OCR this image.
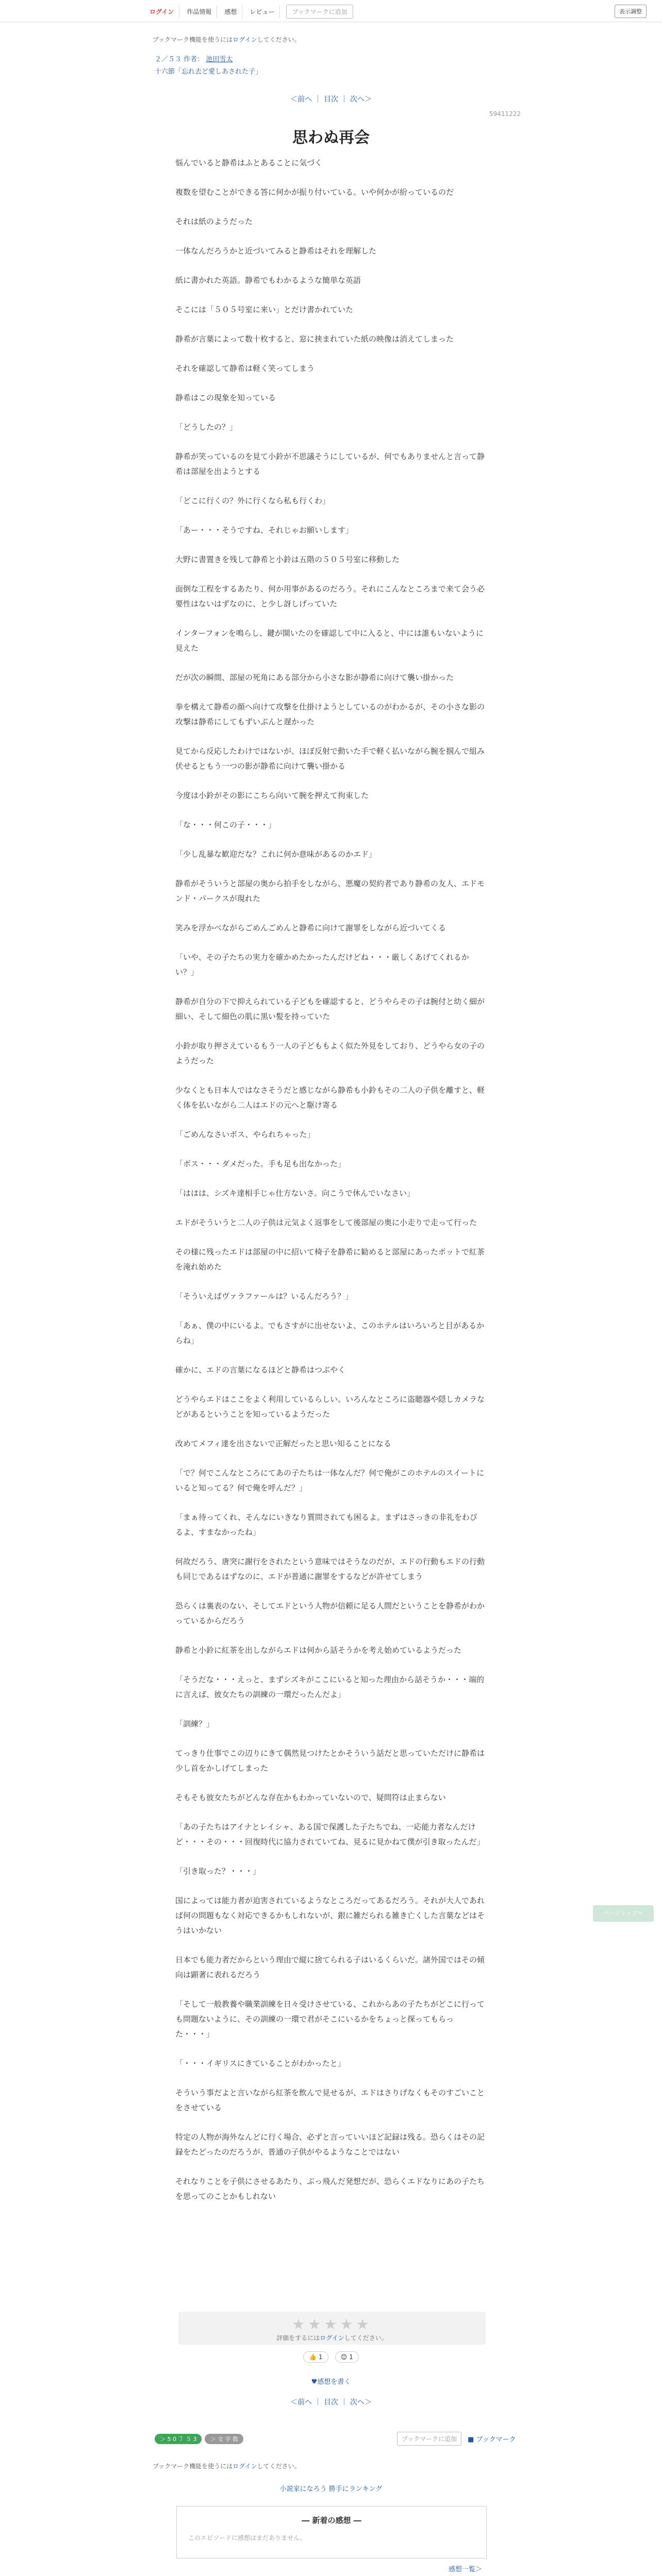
ログイン	作品情報	感想	レビュー	ブックマークに追加	表示調整
ブックマーク機能を使うにはログインしてください。
２／５３ 作者： 池田雪太
十六節「忘れ去ど愛しあされた子」
＜前へ ｜ 目次 ｜ 次へ＞
59411222
思わぬ再会

悩んでいると静希はふとあることに気づく

複数を望むことができる答に何かが振り付いている。いや何かが紛っているのだ

それは紙のようだった

一体なんだろうかと近づいてみると静希はそれを理解した

紙に書かれた英語。静希でもわかるような簡単な英語

そこには「５０５号室に来い」とだけ書かれていた

静希が言葉によって数十枚すると、窓に挟まれていた紙の映像は消えてしまった

それを確認して静希は軽く笑ってしまう

静希はこの現象を知っている

「どうしたの？」

静希が笑っているのを見て小鈴が不思議そうにしているが、何でもありませんと言って静希は部屋を出ようとする

「どこに行くの？外に行くなら私も行くわ」

「あー・・・そうですね、それじゃお願いします」

大野に書置きを残して静希と小鈴は五階の５０５号室に移動した

面倒な工程をするあたり、何か用事があるのだろう。それにこんなところまで来て会う必要性はないはずなのに、と少し訝しげっていた

インターフォンを鳴らし、鍵が開いたのを確認して中に入ると、中には誰もいないように見えた

だが次の瞬間、部屋の死角にある部分から小さな影が静希に向けて襲い掛かった

拳を構えて静希の顔へ向けて攻撃を仕掛けようとしているのがわかるが、その小さな影の攻撃は静希にしてもずいぶんと遅かった

見てから反応したわけではないが、ほぼ反射で動いた手で軽く払いながら腕を掴んで組み伏せるともう一つの影が静希に向けて襲い掛かる

今度は小鈴がその影にこちら向いて腕を押えて拘束した

「な・・・何この子・・・」

「少し乱暴な歓迎だな？これに何か意味があるのかエド」

静希がそういうと部屋の奥から拍手をしながら、悪魔の契約者であり静希の友人、エドモンド・パークスが現れた

笑みを浮かべながらごめんごめんと静希に向けて謝罪をしながら近づいてくる

「いや、その子たちの実力を確かめたかったんだけどね・・・厳しくあげてくれるかい？」

静希が自分の下で抑えられている子どもを確認すると、どうやらその子は腕付と幼く細が細い、そして細色の肌に黒い髪を持っていた

小鈴が取り押さえているもう一人の子どももよく似た外見をしており、どうやら女の子のようだった

少なくとも日本人ではなさそうだと感じながら静希も小鈴もその二人の子供を離すと、軽く体を払いながら二人はエドの元へと駆け寄る

「ごめんなさいボス、やられちゃった」

「ボス・・・ダメだった。手も足も出なかった」

「ははは、シズキ達相手じゃ仕方ないさ。向こうで休んでいなさい」

エドがそういうと二人の子供は元気よく返事をして後部屋の奥に小走りで走って行った

その様に残ったエドは部屋の中に招いて椅子を静希に勧めると部屋にあったポットで紅茶を淹れ始めた

「そういえばヴァラファールは？いるんだろう？」

「あぁ、僕の中にいるよ。でもさすがに出せないよ、このホテルはいろいろと目があるからね」

確かに、エドの言葉になるほどと静希はつぶやく

どうやらエドはここをよく利用しているらしい。いろんなところに盗聴器や隠しカメラなどがあるということを知っているようだった

改めてメフィ達を出さないで正解だったと思い知ることになる

「で？何でこんなところにてあの子たちは一体なんだ？何で俺がこのホテルのスイートにいると知ってる？何で俺を呼んだ？」

「まぁ待ってくれ、そんなにいきなり質問されても困るよ。まずはさっきの非礼をわびるよ、すまなかったね」

何故だろう、唐突に謝行をされたという意味ではそうなのだが、エドの行動もエドの行動も同じであるはずなのに、エドが普通に謝罪をするなどが許せてしまう

恐らくは裏表のない、そしてエドという人物が信頼に足る人間だということを静希がわかっているからだろう

静希と小鈴に紅茶を出しながらエドは何から話そうかを考え始めているようだった

「そうだな・・・えっと、まずシズキがここにいると知った理由から話そうか・・・端的に言えば、彼女たちの訓練の一環だったんだよ」

「訓練？」

てっきり仕事でこの辺りにきて偶然見つけたとかそういう話だと思っていただけに静希は少し首をかしげてしまった

そもそも彼女たちがどんな存在かもわかっていないので、疑問符は止まらない

「あの子たちはアイナとレイシャ、ある国で保護した子たちでね、一応能力者なんだけど・・・その・・・回復時代に協力されていてね、見るに見かねて僕が引き取ったんだ」

「引き取った？・・・」

国によっては能力者が迫害されているようなところだってあるだろう。それが大人であれば何の問題もなく対応できるかもしれないが、銀に雑だられる雑き亡くした言葉などはそうはいかない

日本でも能力者だからという理由で縦に捨てられる子はいるくらいだ。諸外国ではその傾向は顕著に表れるだろう

「そして一般教養や職業訓練を日々受けさせている、これからあの子たちがどこに行っても問題ないように、その訓練の一環で君がそこにいるかをちょっと探ってもらった・・・」

「・・・イギリスにきていることがわかったと」

そういう事だよと言いながら紅茶を飲んで見せるが、エドはさりげなくもそのすごいことをさせている

特定の人物が海外なんどに行く場合、必ずと言っていいほど記録は残る。恐らくはその記録をたどったのだろうが、普通の子供がやるようなことではない

それなりことを子供にさせるあたり、ぶっ飛んだ発想だが、恐らくエドなりにあの子たちを思ってのことかもしれない

★★★★★
評価をするにはログインしてください。
👍 1	😊 1
♥感想を書く
＜前へ ｜ 目次 ｜ 次へ＞
＞ 5 0 ７ ５ 3	＞ 文 字 数	ブックマークに追加	■ ブックマーク
ブックマーク機能を使うにはログインしてください。
小説家になろう 勝手にランキング
― 新着の感想 ―
このエピソードに感想はまだありません。
感想一覧＞
ページトップへ
